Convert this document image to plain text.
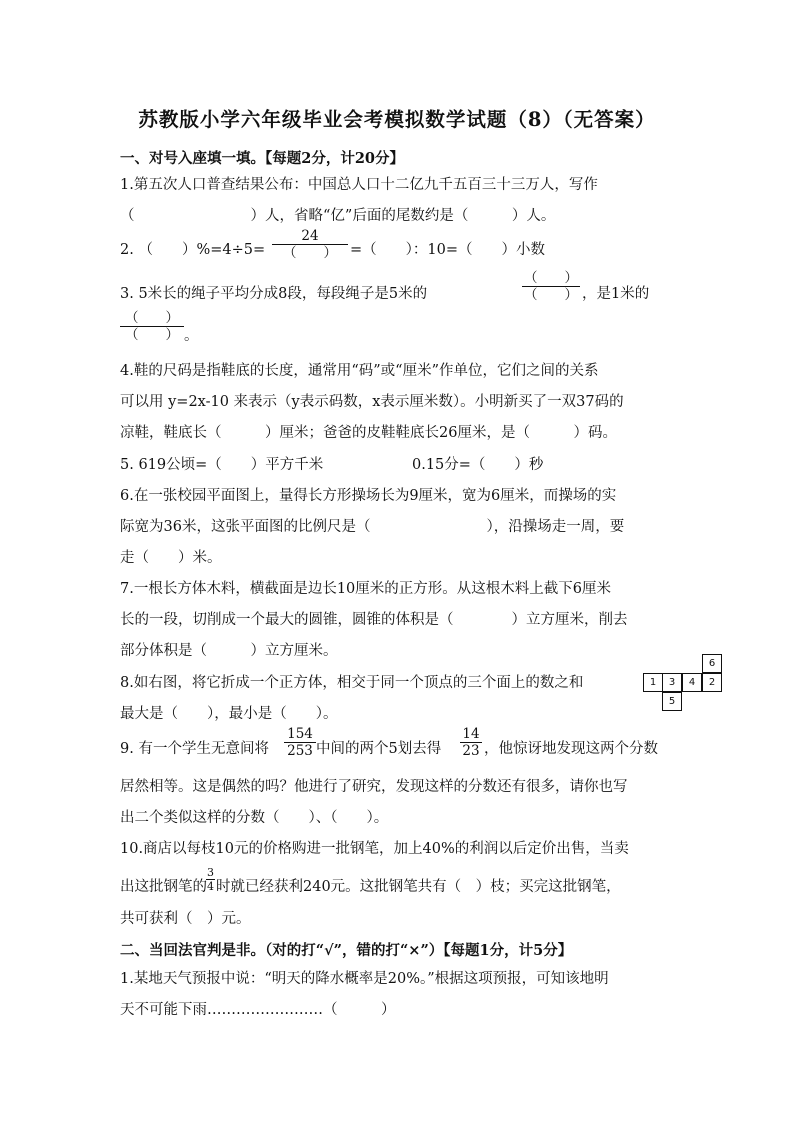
苏教版小学六年级毕业会考模拟数学试题（8）（无答案）
一、对号入座填一填。【每题2分，计20分】
1.第五次人口普查结果公布：中国总人口十二亿九千五百三十三万人，写作
（　　　　　　　　）人，省略“亿”后面的尾数约是（　　　）人。
2. （　　）%=4÷5=
24
（　　） =（　　）：10=（　　）小数
3. 5米长的绳子平均分成8段，每段绳子是5米的
（　　）
（　　） ，是1米的
（　　）
（　　） 。
4.鞋的尺码是指鞋底的长度，通常用“码”或“厘米”作单位，它们之间的关系
可以用 y=2x-10 来表示（y表示码数，x表示厘米数）。小明新买了一双37码的
凉鞋，鞋底长（　　　）厘米；爸爸的皮鞋鞋底长26厘米，是（　　　）码。
5. 619公顷=（　　）平方千米	0.15分=（　　）秒
6.在一张校园平面图上，量得长方形操场长为9厘米，宽为6厘米，而操场的实
际宽为36米，这张平面图的比例尺是（　　　　　　　　），沿操场走一周，要
走（　　）米。
7.一根长方体木料，横截面是边长10厘米的正方形。从这根木料上截下6厘米
长的一段，切削成一个最大的圆锥，圆锥的体积是（　　　　）立方厘米，削去
部分体积是（　　　）立方厘米。
8.如右图，将它折成一个正方体，相交于同一个顶点的三个面上的数之和
最大是（　　），最小是（　　）。
6
1	3	4	2
5
9. 有一个学生无意间将 $\frac{154}{253}$ 中间的两个5划去得 $\frac{14}{23}$ ，他惊讶地发现这两个分数
居然相等。这是偶然的吗？他进行了研究，发现这样的分数还有很多，请你也写
出二个类似这样的分数（　　）、（　　）。
10.商店以每枝10元的价格购进一批钢笔，加上40%的利润以后定价出售，当卖
出这批钢笔的 $\frac{3}{4}$ 时就已经获利240元。这批钢笔共有（　）枝；买完这批钢笔，
共可获利（　）元。
二、当回法官判是非。（对的打“√”，错的打“×”）【每题1分，计5分】
1.某地天气预报中说：“明天的降水概率是20%。”根据这项预报，可知该地明
天不可能下雨……………………（　　　）
